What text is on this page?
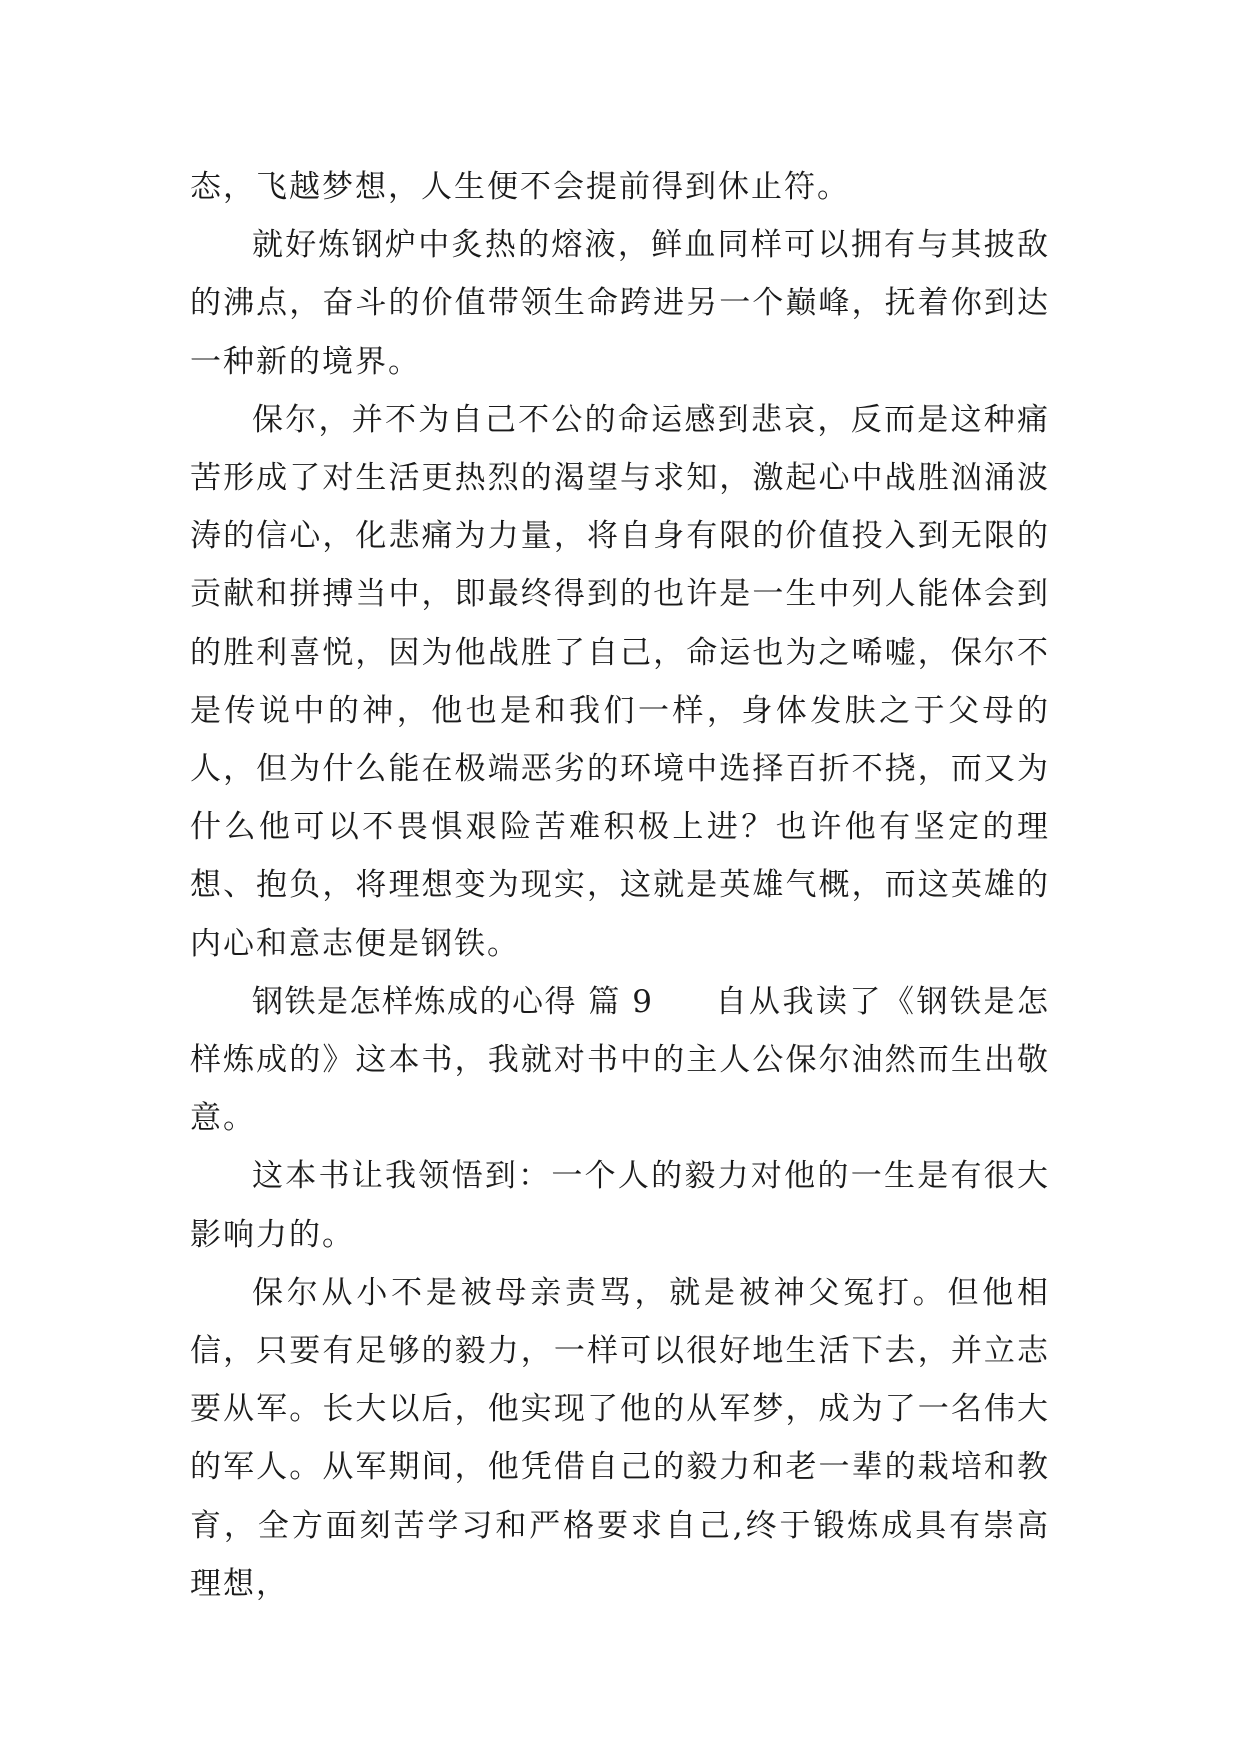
态，飞越梦想，人生便不会提前得到休止符。

就好炼钢炉中炙热的熔液，鲜血同样可以拥有与其披敌的沸点，奋斗的价值带领生命跨进另一个巅峰，抚着你到达一种新的境界。

保尔，并不为自己不公的命运感到悲哀，反而是这种痛苦形成了对生活更热烈的渴望与求知，激起心中战胜汹涌波涛的信心，化悲痛为力量，将自身有限的价值投入到无限的贡献和拼搏当中，即最终得到的也许是一生中列人能体会到的胜利喜悦，因为他战胜了自己，命运也为之唏嘘，保尔不是传说中的神，他也是和我们一样，身体发肤之于父母的人，但为什么能在极端恶劣的环境中选择百折不挠，而又为什么他可以不畏惧艰险苦难积极上进？也许他有坚定的理想、抱负，将理想变为现实，这就是英雄气概，而这英雄的内心和意志便是钢铁。

钢铁是怎样炼成的心得 篇 9 自从我读了《钢铁是怎样炼成的》这本书，我就对书中的主人公保尔油然而生出敬意。

这本书让我领悟到：一个人的毅力对他的一生是有很大影响力的。

保尔从小不是被母亲责骂，就是被神父冤打。但他相信，只要有足够的毅力，一样可以很好地生活下去，并立志要从军。长大以后，他实现了他的从军梦，成为了一名伟大的军人。从军期间，他凭借自己的毅力和老一辈的栽培和教育，全方面刻苦学习和严格要求自己,终于锻炼成具有崇高理想，
